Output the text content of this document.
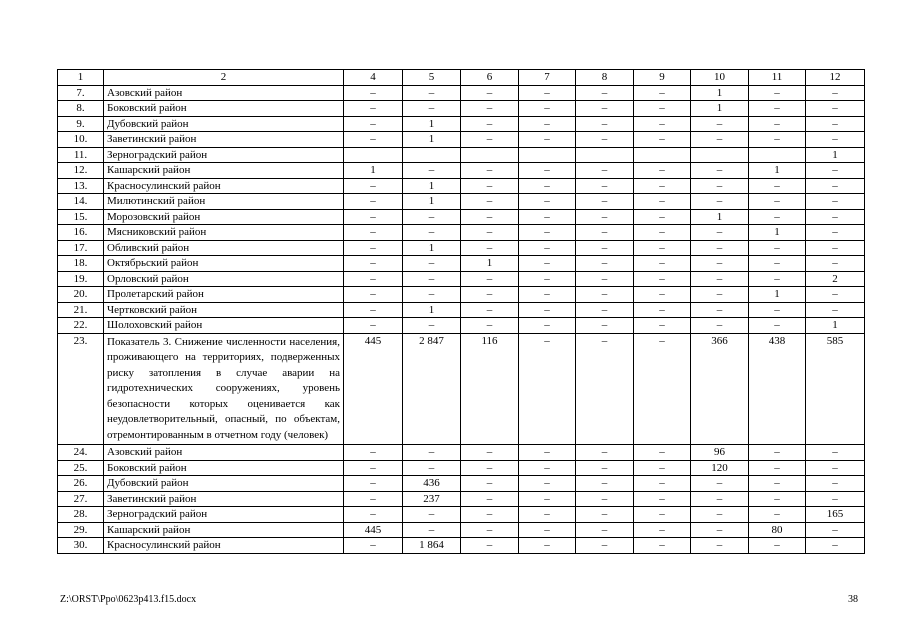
1	2	4	5	6	7	8	9	10	11	12
7.	Азовский район	–	–	–	–	–	–	1	–	–
8.	Боковский район	–	–	–	–	–	–	1	–	–
9.	Дубовский район	–	1	–	–	–	–	–	–	–
10.	Заветинский район	–	1	–	–	–	–	–	–	–
11.	Зерноградский район									1
12.	Кашарский район	1	–	–	–	–	–	–	1	–
13.	Красносулинский район	–	1	–	–	–	–	–	–	–
14.	Милютинский район	–	1	–	–	–	–	–	–	–
15.	Морозовский район	–	–	–	–	–	–	1	–	–
16.	Мясниковский район	–	–	–	–	–	–	–	1	–
17.	Обливский район	–	1	–	–	–	–	–	–	–
18.	Октябрьский район	–	–	1	–	–	–	–	–	–
19.	Орловский район	–	–	–	–	–	–	–	–	2
20.	Пролетарский район	–	–	–	–	–	–	–	1	–
21.	Чертковский район	–	1	–	–	–	–	–	–	–
22.	Шолоховский район	–	–	–	–	–	–	–	–	1
23.	Показатель 3. Снижение численности населения, проживающего на территориях, подверженных риску затопления в случае аварии на гидротехнических сооружениях, уровень безопасности которых оценивается как неудовлетворительный, опасный, по объектам, отремонтированным в отчетном году (человек)	445	2 847	116	–	–	–	366	438	585
24.	Азовский район	–	–	–	–	–	–	96	–	–
25.	Боковский район	–	–	–	–	–	–	120	–	–
26.	Дубовский район	–	436	–	–	–	–	–	–	–
27.	Заветинский район	–	237	–	–	–	–	–	–	–
28.	Зерноградский район	–	–	–	–	–	–	–	–	165
29.	Кашарский район	445	–	–	–	–	–	–	80	–
30.	Красносулинский район	–	1 864	–	–	–	–	–	–	–
Z:\ORST\Ppo\0623p413.f15.docx	38
